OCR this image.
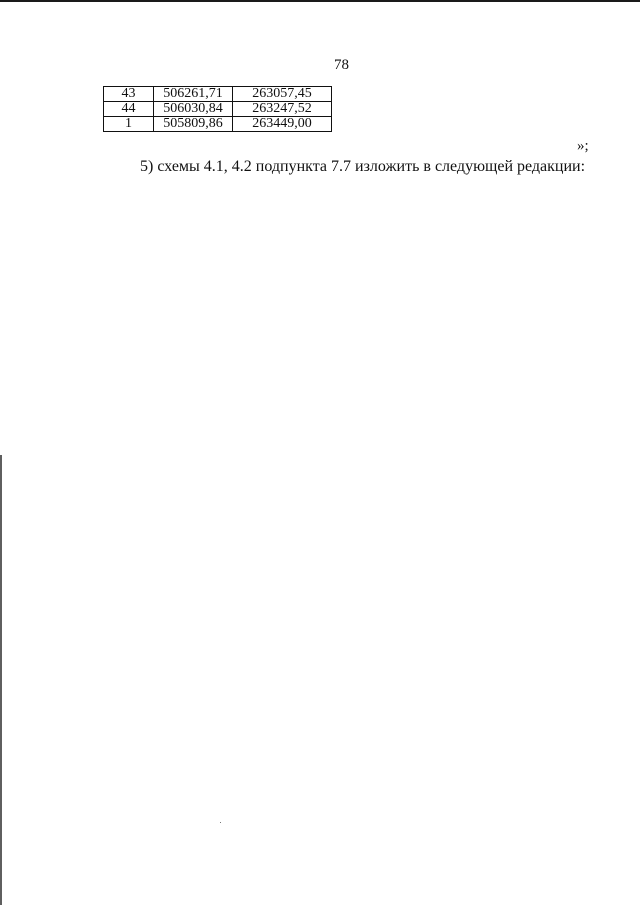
78
43	506261,71	263057,45
44	506030,84	263247,52
1	505809,86	263449,00
»;
5) схемы 4.1, 4.2 подпункта 7.7 изложить в следующей редакции:
